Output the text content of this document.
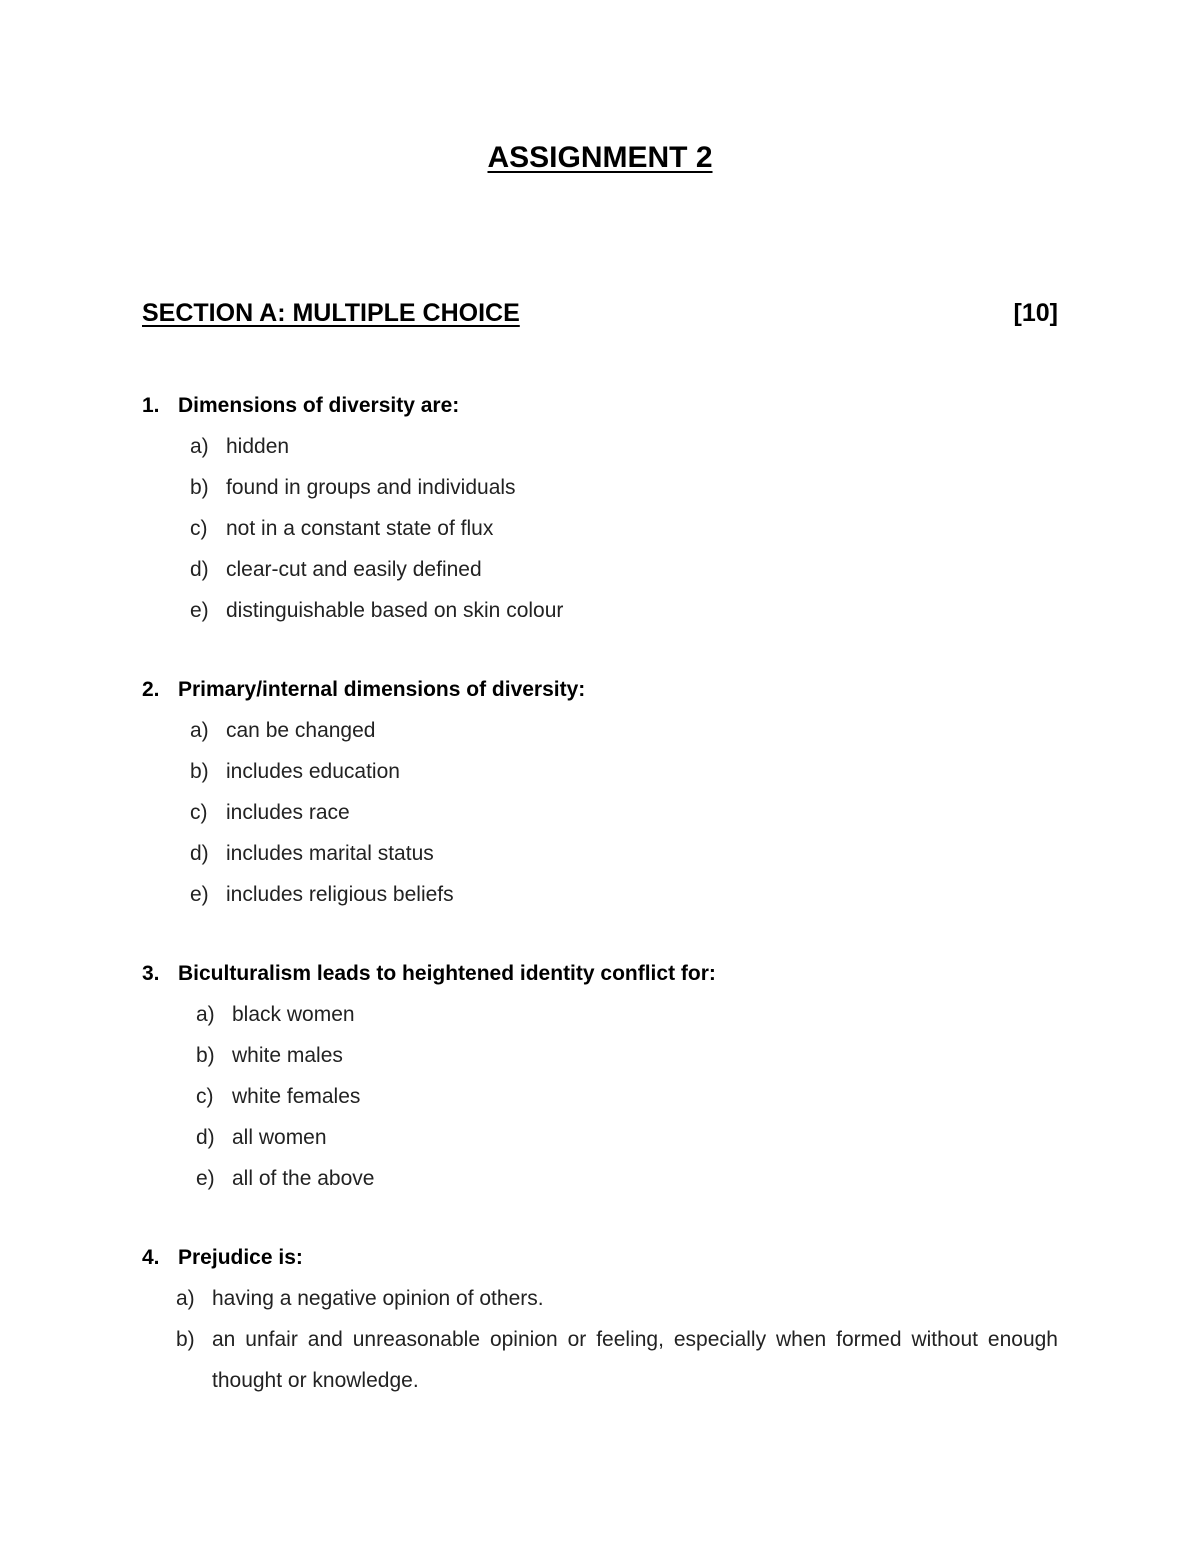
ASSIGNMENT 2
SECTION A: MULTIPLE CHOICE	[10]
1. Dimensions of diversity are:
a) hidden
b) found in groups and individuals
c) not in a constant state of flux
d) clear-cut and easily defined
e) distinguishable based on skin colour
2. Primary/internal dimensions of diversity:
a) can be changed
b) includes education
c) includes race
d) includes marital status
e) includes religious beliefs
3. Biculturalism leads to heightened identity conflict for:
a) black women
b) white males
c) white females
d) all women
e) all of the above
4. Prejudice is:
a) having a negative opinion of others.
b) an unfair and unreasonable opinion or feeling, especially when formed without enough thought or knowledge.
